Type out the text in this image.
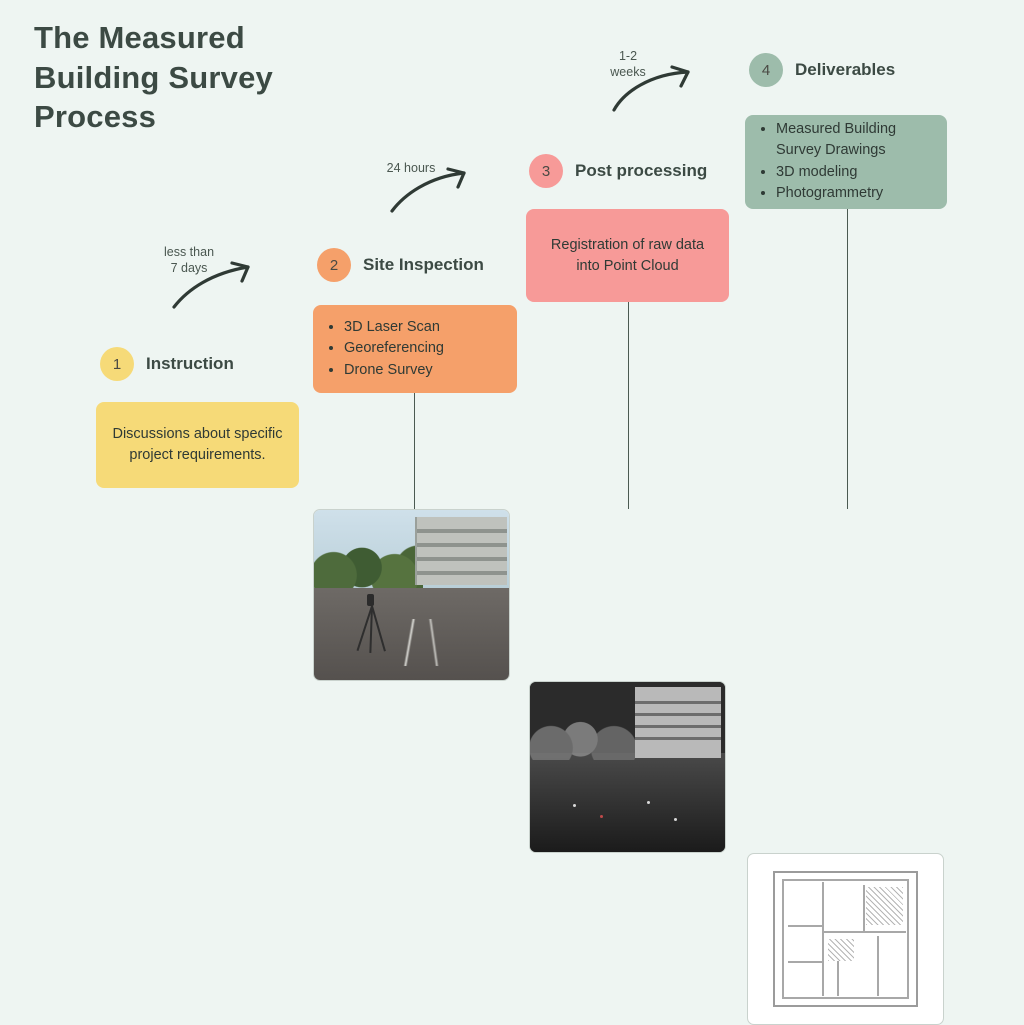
The Measured Building Survey Process
1	Instruction

Discussions about specific project requirements.

2	Site Inspection
• 3D Laser Scan
• Georeferencing
• Drone Survey
3	Post processing

Registration of raw data into Point Cloud

4	Deliverables
• Measured Building Survey Drawings
• 3D modeling
• Photogrammetry
less than
7 days
24 hours
1-2
weeks
